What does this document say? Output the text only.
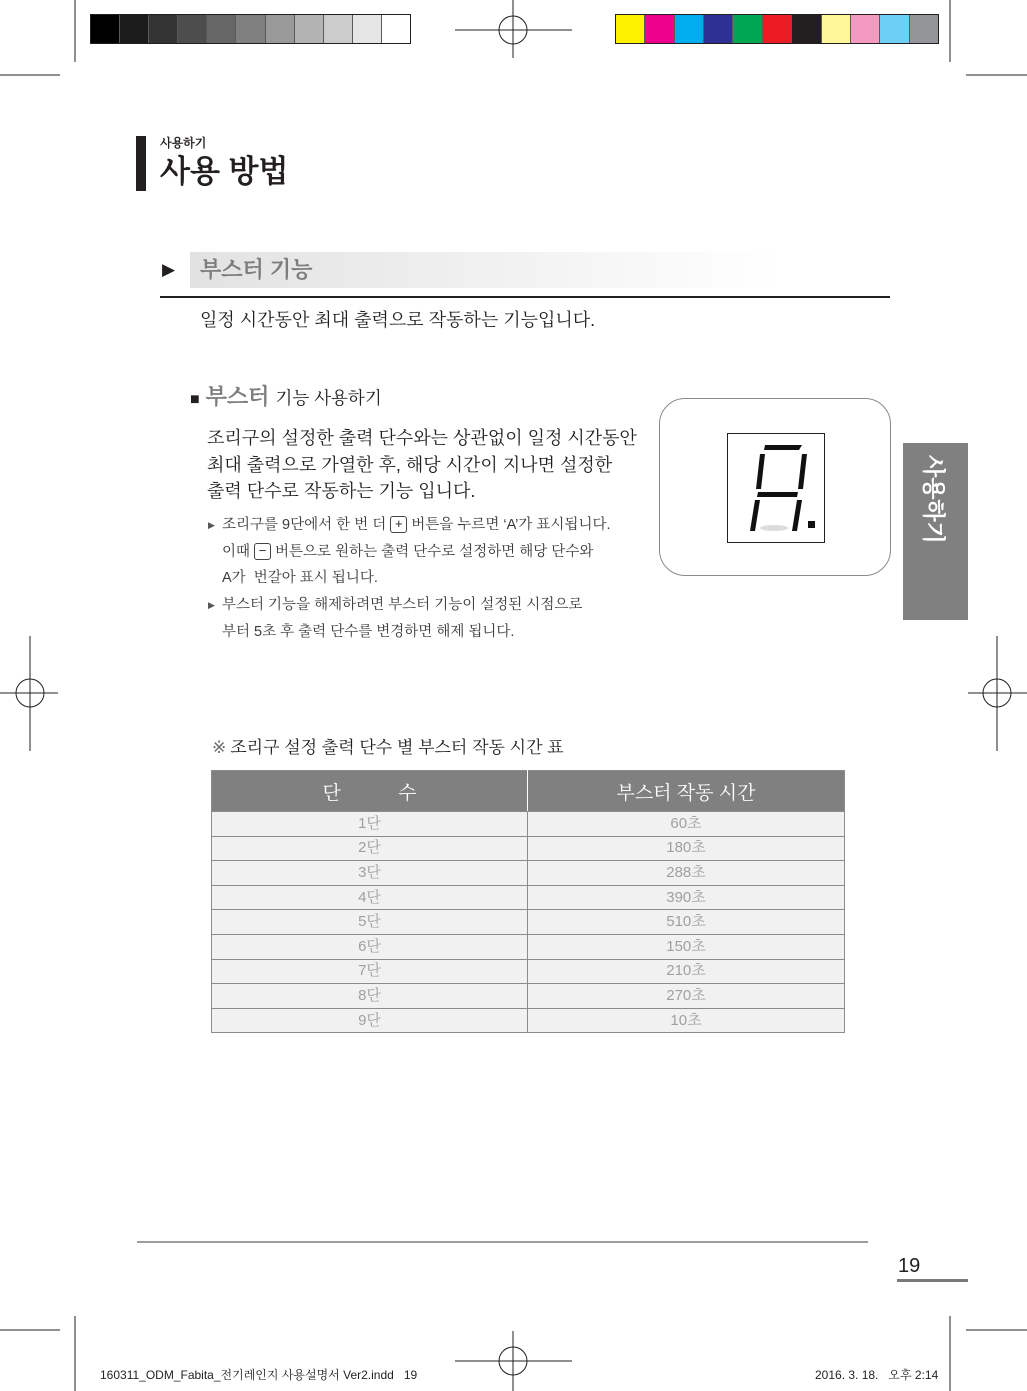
사용하기
사용 방법
▶ 부스터 기능
일정 시간동안 최대 출력으로 작동하는 기능입니다.
■ 부스터 기능 사용하기
조리구의 설정한 출력 단수와는 상관없이 일정 시간동안
최대 출력으로 가열한 후, 해당 시간이 지나면 설정한
출력 단수로 작동하는 기능 입니다.
▶ 조리구를 9단에서 한 번 더 + 버튼을 누르면 ‘A’가 표시됩니다.
이때 − 버튼으로 원하는 출력 단수로 설정하면 해당 단수와
A가  번갈아 표시 됩니다.
▶ 부스터 기능을 해제하려면 부스터 기능이 설정된 시점으로
부터 5초 후 출력 단수를 변경하면 해제 됩니다.
사용하기
※ 조리구 설정 출력 단수 별 부스터 작동 시간 표
단 수	부스터 작동 시간
1단	60초
2단	180초
3단	288초
4단	390초
5단	510초
6단	150초
7단	210초
8단	270초
9단	10초
19
160311_ODM_Fabita_전기레인지 사용설명서 Ver2.indd   19	2016. 3. 18.   오후 2:14
